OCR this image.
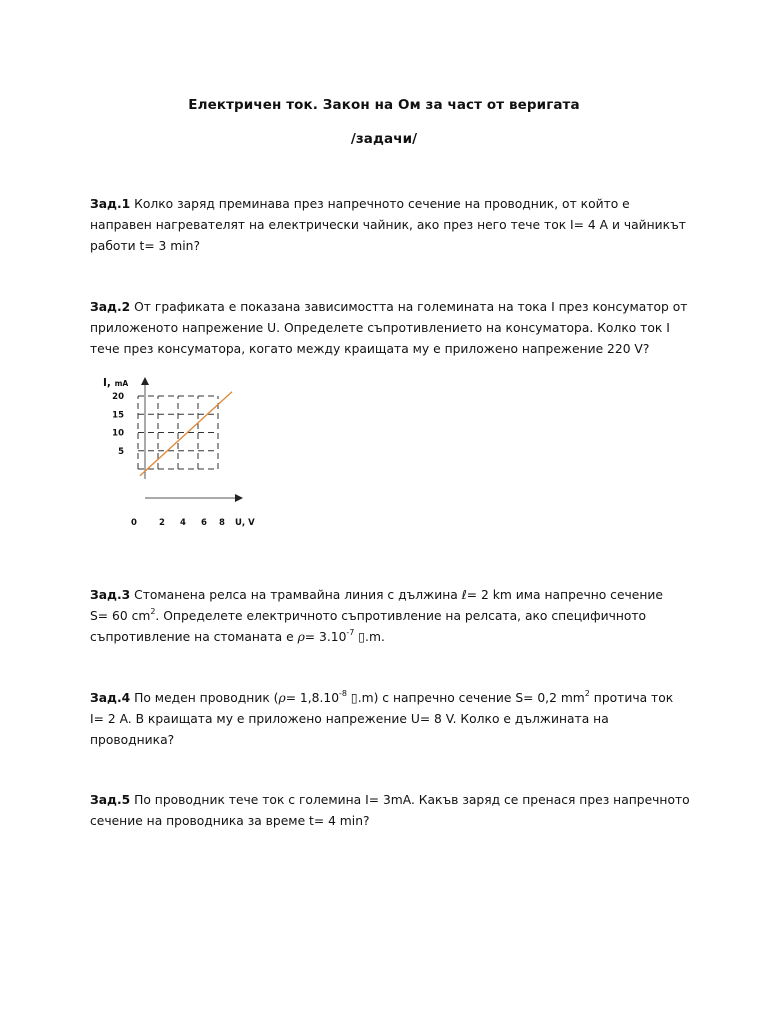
Електричен ток. Закон на Ом за част от веригата
/задачи/
Зад.1 Колко заряд преминава през напречното сечение на проводник, от който е
направен нагревателят на електрически чайник, ако през него тече ток I= 4 A и чайникът
работи t= 3 min?
Зад.2 От графиката е показана зависимостта на големината на тока I през консуматор от
приложеното напрежение U. Определете съпротивлението на консуматора. Колко ток I
тече през консуматора, когато между краищата му е приложено напрежение 220 V?
I, mA
5
10
15
20
0	2 4 6 8 U, V
Зад.3 Стоманена релса на трамвайна линия с дължина ℓ= 2 km има напречно сечение
S= 60 $cm^2$. Определете електричното съпротивление на релсата, ако специфичното
съпротивление на стоманата е $\rho= 3.10^{-7}$ ▯.m.
Зад.4 По меден проводник ($\rho= 1,8.10^{-8}$ ▯.m) с напречно сечение S= 0,2 $mm^2$ протича ток
I= 2 A. В краищата му е приложено напрежение U= 8 V. Колко е дължината на
проводника?
Зад.5 По проводник тече ток с големина I= 3mA. Какъв заряд се пренася през напречното
сечение на проводника за време t= 4 min?
